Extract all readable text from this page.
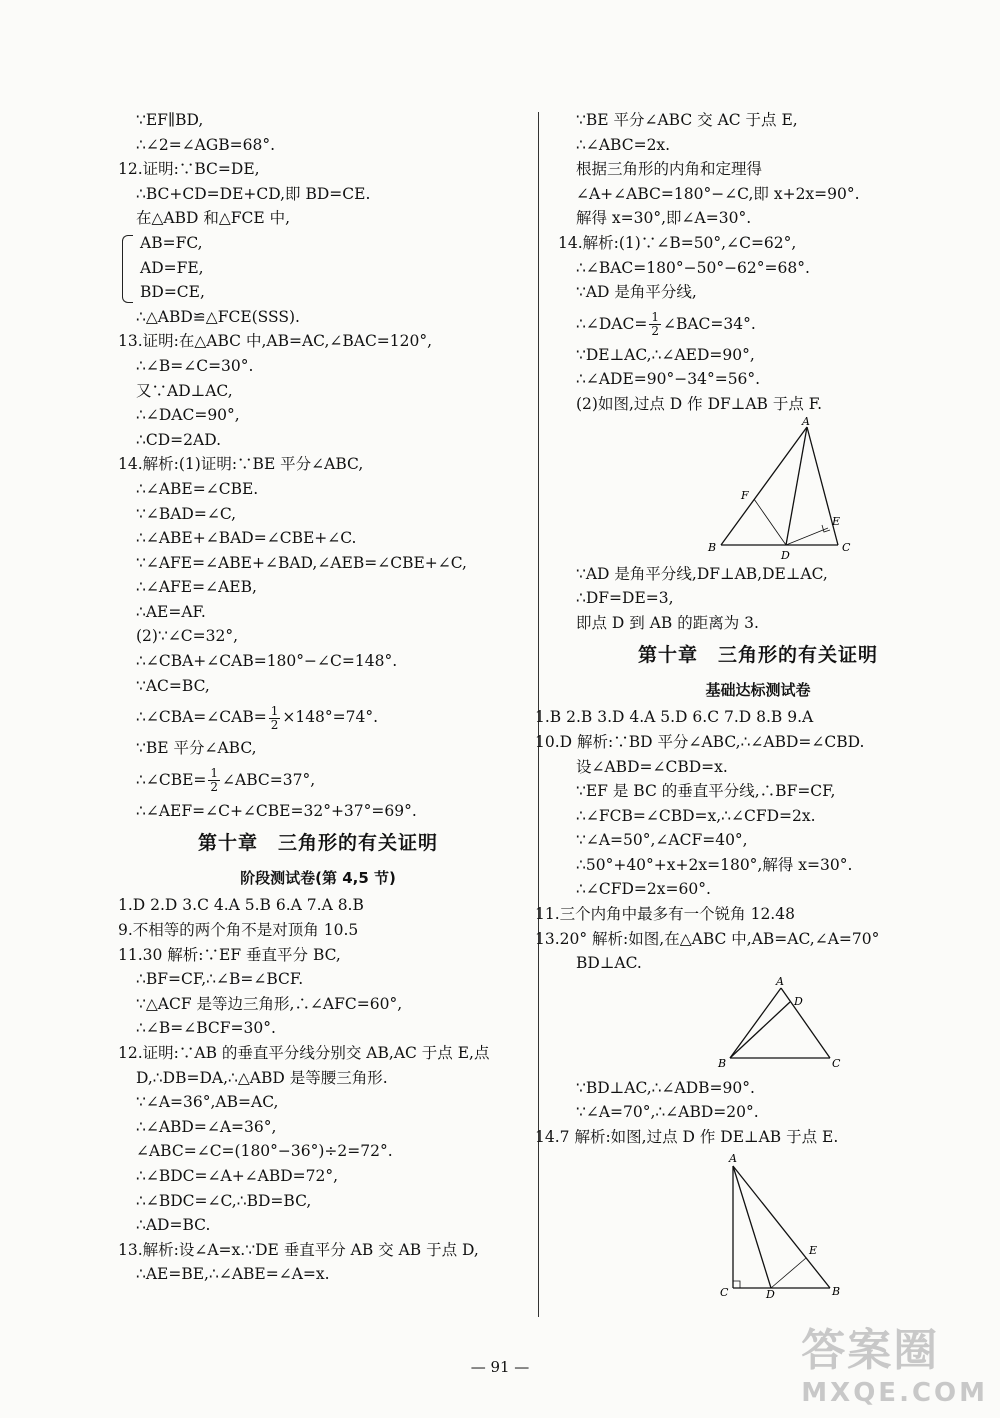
∵EF∥BD,
∴∠2=∠AGB=68°.
12.证明:∵BC=DE,
∴BC+CD=DE+CD,即 BD=CE.
在△ABD 和△FCE 中,
AB=FC,
AD=FE,
BD=CE,
∴△ABD≌△FCE(SSS).
13.证明:在△ABC 中,AB=AC,∠BAC=120°,
∴∠B=∠C=30°.
又∵AD⊥AC,
∴∠DAC=90°,
∴CD=2AD.
14.解析:(1)证明:∵BE 平分∠ABC,
∴∠ABE=∠CBE.
∵∠BAD=∠C,
∴∠ABE+∠BAD=∠CBE+∠C.
∵∠AFE=∠ABE+∠BAD,∠AEB=∠CBE+∠C,
∴∠AFE=∠AEB,
∴AE=AF.
(2)∵∠C=32°,
∴∠CBA+∠CAB=180°−∠C=148°.
∵AC=BC,
∴∠CBA=∠CAB= $\frac{1}{2} \times 148^\circ=74^\circ$.
∵BE 平分∠ABC,
∴∠CBE= $\frac{1}{2}$ ∠ABC=37°,
∴∠AEF=∠C+∠CBE=32°+37°=69°.
第十章　三角形的有关证明
阶段测试卷(第 4,5 节)
1.D 2.D 3.C 4.A 5.B 6.A 7.A 8.B
9.不相等的两个角不是对顶角 10.5
11.30 解析:∵EF 垂直平分 BC,
∴BF=CF,∴∠B=∠BCF.
∵△ACF 是等边三角形,∴∠AFC=60°,
∴∠B=∠BCF=30°.
12.证明:∵AB 的垂直平分线分别交 AB,AC 于点 E,点
D,∴DB=DA,∴△ABD 是等腰三角形.
∵∠A=36°,AB=AC,
∴∠ABD=∠A=36°,
∠ABC=∠C=(180°−36°)÷2=72°.
∴∠BDC=∠A+∠ABD=72°,
∴∠BDC=∠C,∴BD=BC,
∴AD=BC.
13.解析:设∠A=x.∵DE 垂直平分 AB 交 AB 于点 D,
∴AE=BE,∴∠ABE=∠A=x.
∵BE 平分∠ABC 交 AC 于点 E,
∴∠ABC=2x.
根据三角形的内角和定理得
∠A+∠ABC=180°−∠C,即 x+2x=90°.
解得 x=30°,即∠A=30°.
14.解析:(1)∵∠B=50°,∠C=62°,
∴∠BAC=180°−50°−62°=68°.
∵AD 是角平分线,
∴∠DAC= $\frac{1}{2}$ ∠BAC=34°.
∵DE⊥AC,∴∠AED=90°,
∴∠ADE=90°−34°=56°.
(2)如图,过点 D 作 DF⊥AB 于点 F.
A
B	C
D
E
F
∵AD 是角平分线,DF⊥AB,DE⊥AC,
∴DF=DE=3,
即点 D 到 AB 的距离为 3.
第十章　三角形的有关证明
基础达标测试卷
1.B 2.B 3.D 4.A 5.D 6.C 7.D 8.B 9.A
10.D 解析:∵BD 平分∠ABC,∴∠ABD=∠CBD.
设∠ABD=∠CBD=x.
∵EF 是 BC 的垂直平分线,∴BF=CF,
∴∠FCB=∠CBD=x,∴∠CFD=2x.
∵∠A=50°,∠ACF=40°,
∴50°+40°+x+2x=180°,解得 x=30°.
∴∠CFD=2x=60°.
11.三个内角中最多有一个锐角 12.48
13.20° 解析:如图,在△ABC 中,AB=AC,∠A=70°
BD⊥AC.
A
B	C
D
∵BD⊥AC,∴∠ADB=90°.
∵∠A=70°,∴∠ABD=20°.
14.7 解析:如图,过点 D 作 DE⊥AB 于点 E.
A
C	D	B
E
— 91 —	答案圈
MXQE.COM
